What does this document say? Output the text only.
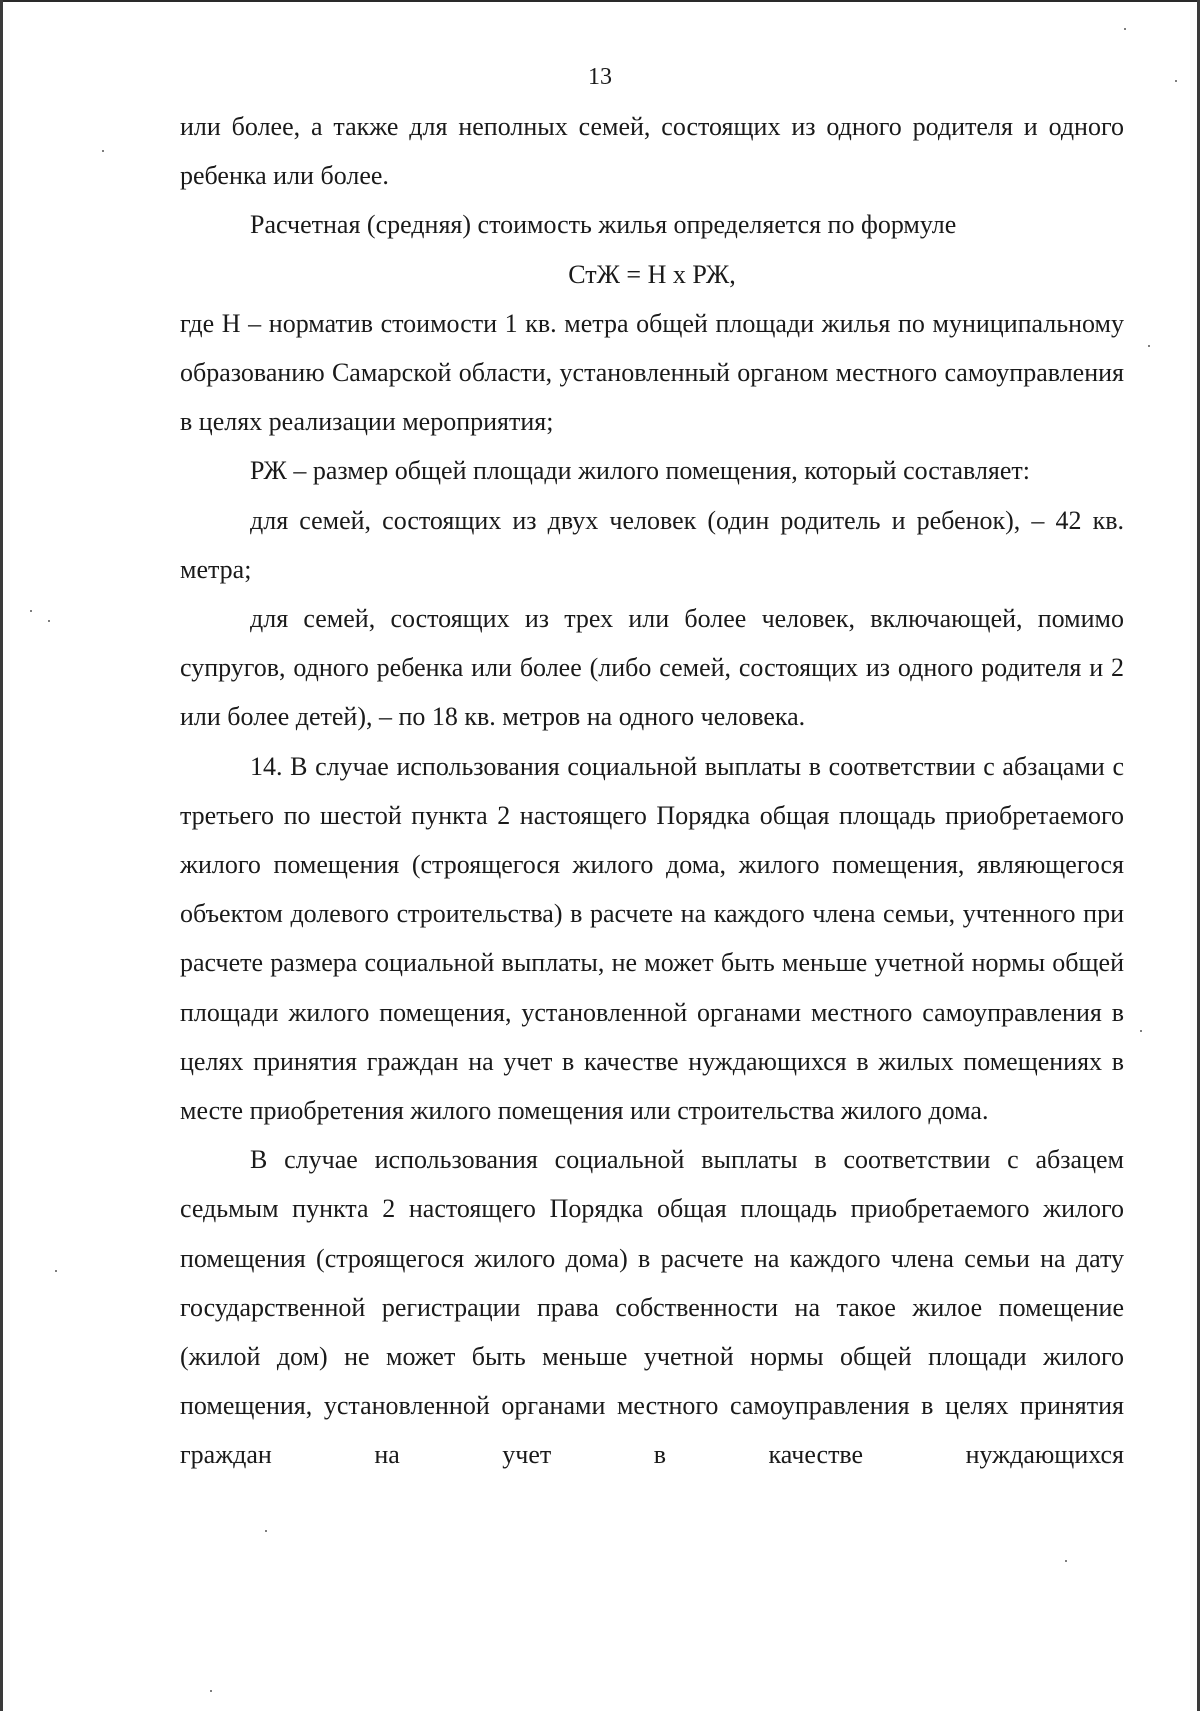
13

или более, а также для неполных семей, состоящих из одного родителя и одного ребенка или более.

Расчетная (средняя) стоимость жилья определяется по формуле

СтЖ = Н х РЖ,

где Н – норматив стоимости 1 кв. метра общей площади жилья по муниципальному образованию Самарской области, установленный органом местного самоуправления в целях реализации мероприятия;

РЖ – размер общей площади жилого помещения, который составляет:

для семей, состоящих из двух человек (один родитель и ребенок), – 42 кв. метра;

для семей, состоящих из трех или более человек, включающей, помимо супругов, одного ребенка или более (либо семей, состоящих из одного родителя и 2 или более детей), – по 18 кв. метров на одного человека.

14. В случае использования социальной выплаты в соответствии с абзацами с третьего по шестой пункта 2 настоящего Порядка общая площадь приобретаемого жилого помещения (строящегося жилого дома, жилого помещения, являющегося объектом долевого строительства) в расчете на каждого члена семьи, учтенного при расчете размера социальной выплаты, не может быть меньше учетной нормы общей площади жилого помещения, установленной органами местного самоуправления в целях принятия граждан на учет в качестве нуждающихся в жилых помещениях в месте приобретения жилого помещения или строительства жилого дома.

В случае использования социальной выплаты в соответствии с абзацем седьмым пункта 2 настоящего Порядка общая площадь приобретаемого жилого помещения (строящегося жилого дома) в расчете на каждого члена семьи на дату государственной регистрации права собственности на такое жилое помещение (жилой дом) не может быть меньше учетной нормы общей площади жилого помещения, установленной органами местного самоуправления в целях принятия граждан на учет в качестве нуждающихся
